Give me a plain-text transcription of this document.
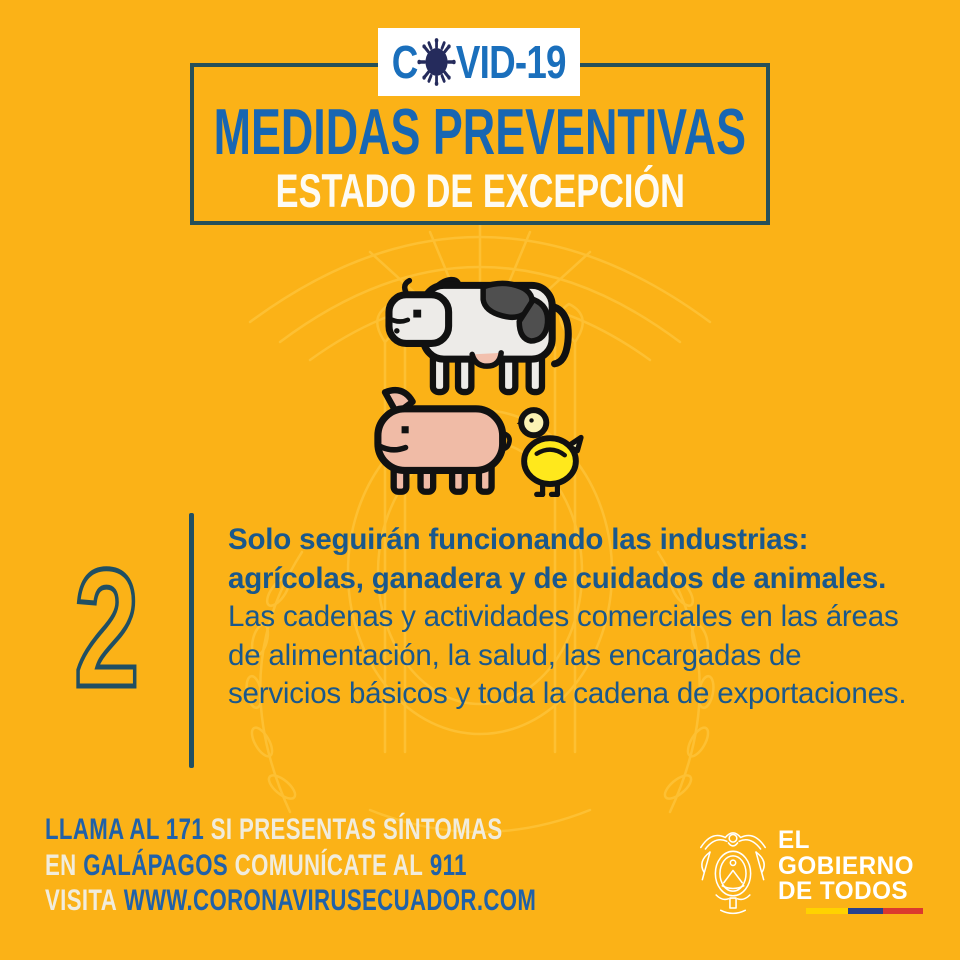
C VID-19
MEDIDAS PREVENTIVAS
ESTADO DE EXCEPCIÓN
2	Solo seguirán funcionando las industrias: agrícolas, ganadera y de cuidados de animales. Las cadenas y actividades comerciales en las áreas de alimentación, la salud, las encargadas de servicios básicos y toda la cadena de exportaciones.

LLAMA AL 171 SI PRESENTAS SÍNTOMAS
EN GALÁPAGOS COMUNÍCATE AL 911
VISITA WWW.CORONAVIRUSECUADOR.COM
EL
GOBIERNO
DE TODOS
